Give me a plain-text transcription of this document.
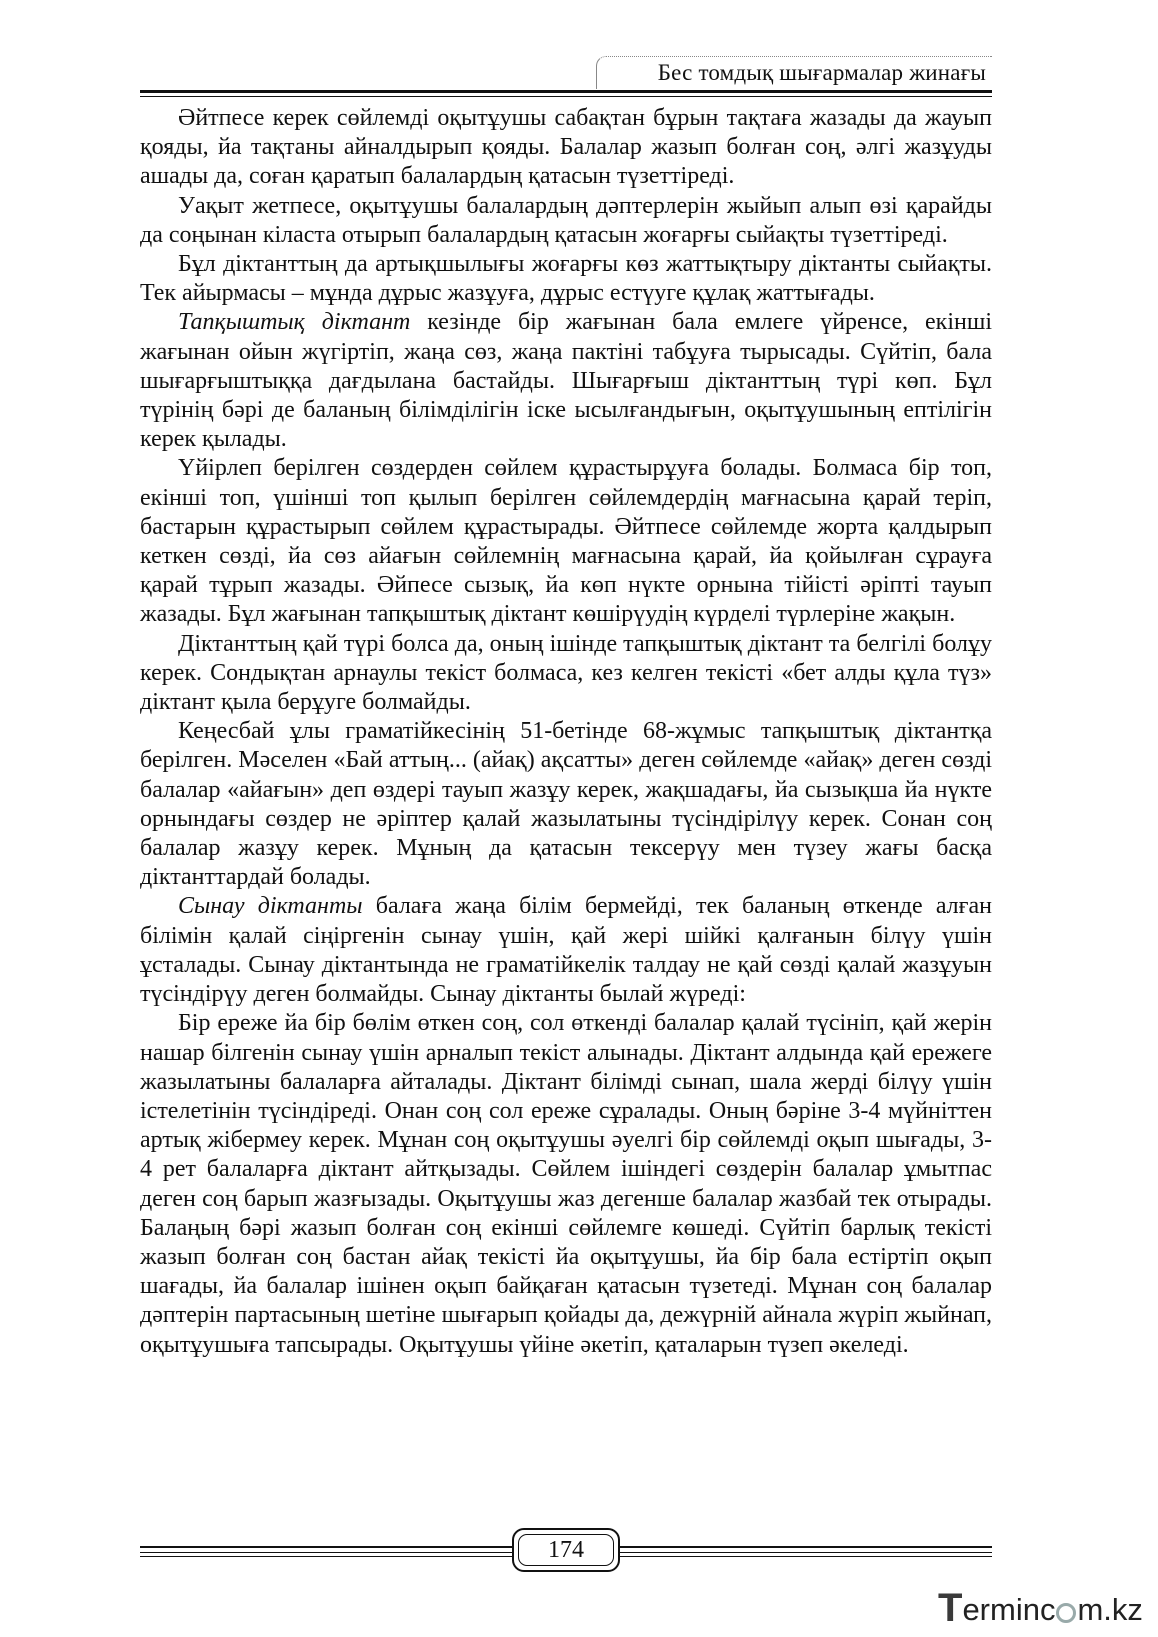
Бес томдық шығармалар жинағы

Әйтпесе керек сөйлемді оқытұушы сабақтан бұрын тақтаға жазады да жауып қояды, йа тақтаны айналдырып қояды. Балалар жазып болған соң, әлгі жазұуды ашады да, соған қаратып балалардың қатасын түзеттіреді.

Уақыт жетпесе, оқытұушы балалардың дәптерлерін жыйып алып өзі қарайды да соңынан кіласта отырып балалардың қатасын жоғарғы сыйақты түзеттіреді.

Бұл діктанттың да артықшылығы жоғарғы көз жаттықтыру діктанты сыйақты. Тек айырмасы – мұнда дұрыс жазұуға, дұрыс естүуге құлақ жаттығады.

Тапқыштық діктант кезінде бір жағынан бала емлеге үйренсе, екінші жағынан ойын жүгіртіп, жаңа сөз, жаңа пактіні табұуға тырысады. Сүйтіп, бала шығарғыштыққа дағдылана бастайды. Шығарғыш діктанттың түрі көп. Бұл түрінің бәрі де баланың білімділігін іске ысылғандығын, оқытұушының ептілігін керек қылады.

Үйірлеп берілген сөздерден сөйлем құрастырұуға болады. Болмаса бір топ, екінші топ, үшінші топ қылып берілген сөйлемдердің мағнасына қарай теріп, бастарын құрастырып сөйлем құрастырады. Әйтпесе сөйлемде жорта қалдырып кеткен сөзді, йа сөз айағын сөйлемнің мағнасына қарай, йа қойылған сұрауға қарай тұрып жазады. Әйпесе сызық, йа көп нүкте орнына тійісті әріпті тауып жазады. Бұл жағынан тапқыштық діктант көшірүудің күрделі түрлеріне жақын.

Діктанттың қай түрі болса да, оның ішінде тапқыштық діктант та белгілі болұу керек. Сондықтан арнаулы текіст болмаса, кез келген текісті «бет алды құла түз» діктант қыла берұуге болмайды.

Кеңесбай ұлы граматійкесінің 51-бетінде 68-жұмыс тапқыштық діктантқа берілген. Мәселен «Бай аттың... (айақ) ақсатты» деген сөйлемде «айақ» деген сөзді балалар «айағын» деп өздері тауып жазұу керек, жақшадағы, йа сызықша йа нүкте орнындағы сөздер не әріптер қалай жазылатыны түсіндірілүу керек. Сонан соң балалар жазұу керек. Мұның да қатасын тексерүу мен түзеу жағы басқа діктанттардай болады.

Сынау діктанты балаға жаңа білім бермейді, тек баланың өткенде алған білімін қалай сіңіргенін сынау үшін, қай жері шійкі қалғанын білүу үшін ұсталады. Сынау діктантында не граматійкелік талдау не қай сөзді қалай жазұуын түсіндірүу деген болмайды. Сынау діктанты былай жүреді:

Бір ереже йа бір бөлім өткен соң, сол өткенді балалар қалай түсініп, қай жерін нашар білгенін сынау үшін арналып текіст алынады. Діктант алдында қай ережеге жазылатыны балаларға айталады. Діктант білімді сынап, шала жерді білүу үшін істелетінін түсіндіреді. Онан соң сол ереже сұралады. Оның бәріне 3-4 мүйніттен артық жібермеу керек. Мұнан соң оқытұушы әуелгі бір сөйлемді оқып шығады, 3-4 рет балаларға діктант айтқызады. Сөйлем ішіндегі сөздерін балалар ұмытпас деген соң барып жазғызады. Оқытұушы жаз дегенше балалар жазбай тек отырады. Балаңың бәрі жазып болған соң екінші сөйлемге көшеді. Сүйтіп барлық текісті жазып болған соң бастан айақ текісті йа оқытұушы, йа бір бала естіртіп оқып шағады, йа балалар ішінен оқып байқаған қатасын түзетеді. Мұнан соң балалар дәптерін партасының шетіне шығарып қойады да, дежүрній айнала жүріп жыйнап, оқытұушыға тапсырады. Оқытұушы үйіне әкетіп, қаталарын түзеп әкеледі.

174
T erminc m.kz
